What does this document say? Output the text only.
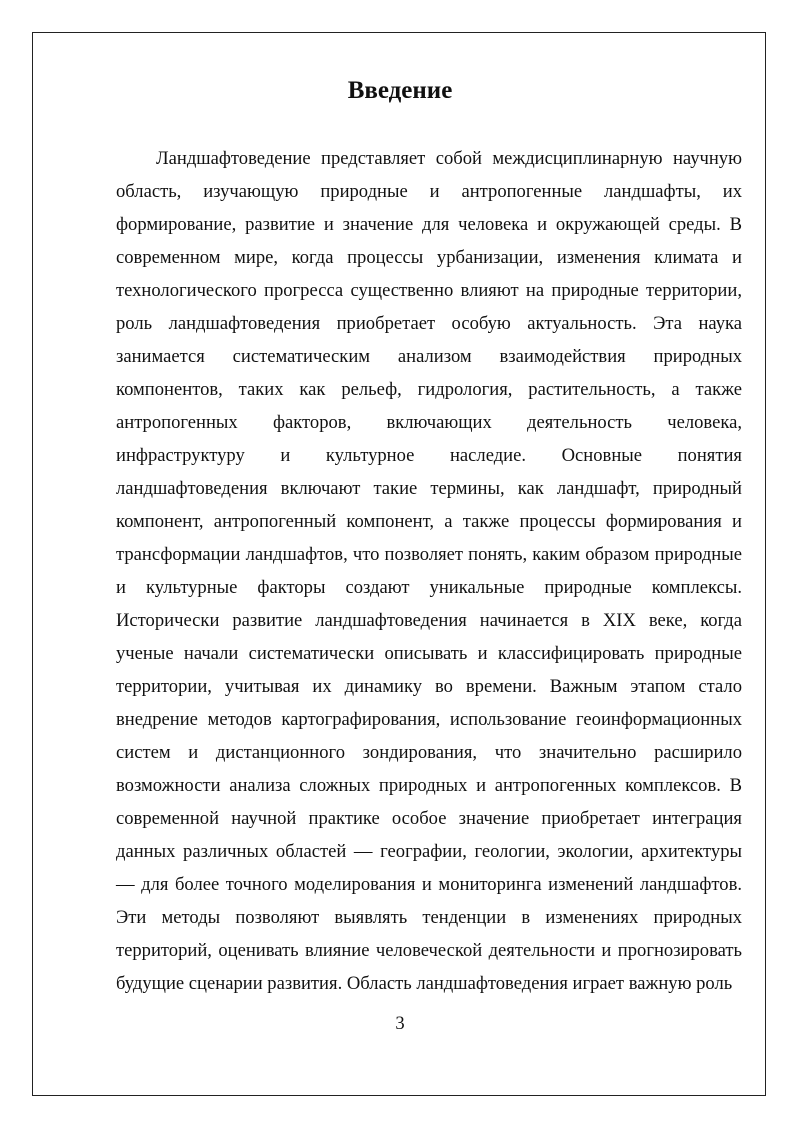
Введение

Ландшафтоведение представляет собой междисциплинарную научную область, изучающую природные и антропогенные ландшафты, их формирование, развитие и значение для человека и окружающей среды. В современном мире, когда процессы урбанизации, изменения климата и технологического прогресса существенно влияют на природные территории, роль ландшафтоведения приобретает особую актуальность. Эта наука занимается систематическим анализом взаимодействия природных компонентов, таких как рельеф, гидрология, растительность, а также антропогенных факторов, включающих деятельность человека, инфраструктуру и культурное наследие. Основные понятия ландшафтоведения включают такие термины, как ландшафт, природный компонент, антропогенный компонент, а также процессы формирования и трансформации ландшафтов, что позволяет понять, каким образом природные и культурные факторы создают уникальные природные комплексы. Исторически развитие ландшафтоведения начинается в XIX веке, когда ученые начали систематически описывать и классифицировать природные территории, учитывая их динамику во времени. Важным этапом стало внедрение методов картографирования, использование геоинформационных систем и дистанционного зондирования, что значительно расширило возможности анализа сложных природных и антропогенных комплексов. В современной научной практике особое значение приобретает интеграция данных различных областей — географии, геологии, экологии, архитектуры — для более точного моделирования и мониторинга изменений ландшафтов. Эти методы позволяют выявлять тенденции в изменениях природных территорий, оценивать влияние человеческой деятельности и прогнозировать будущие сценарии развития. Область ландшафтоведения играет важную роль

3
